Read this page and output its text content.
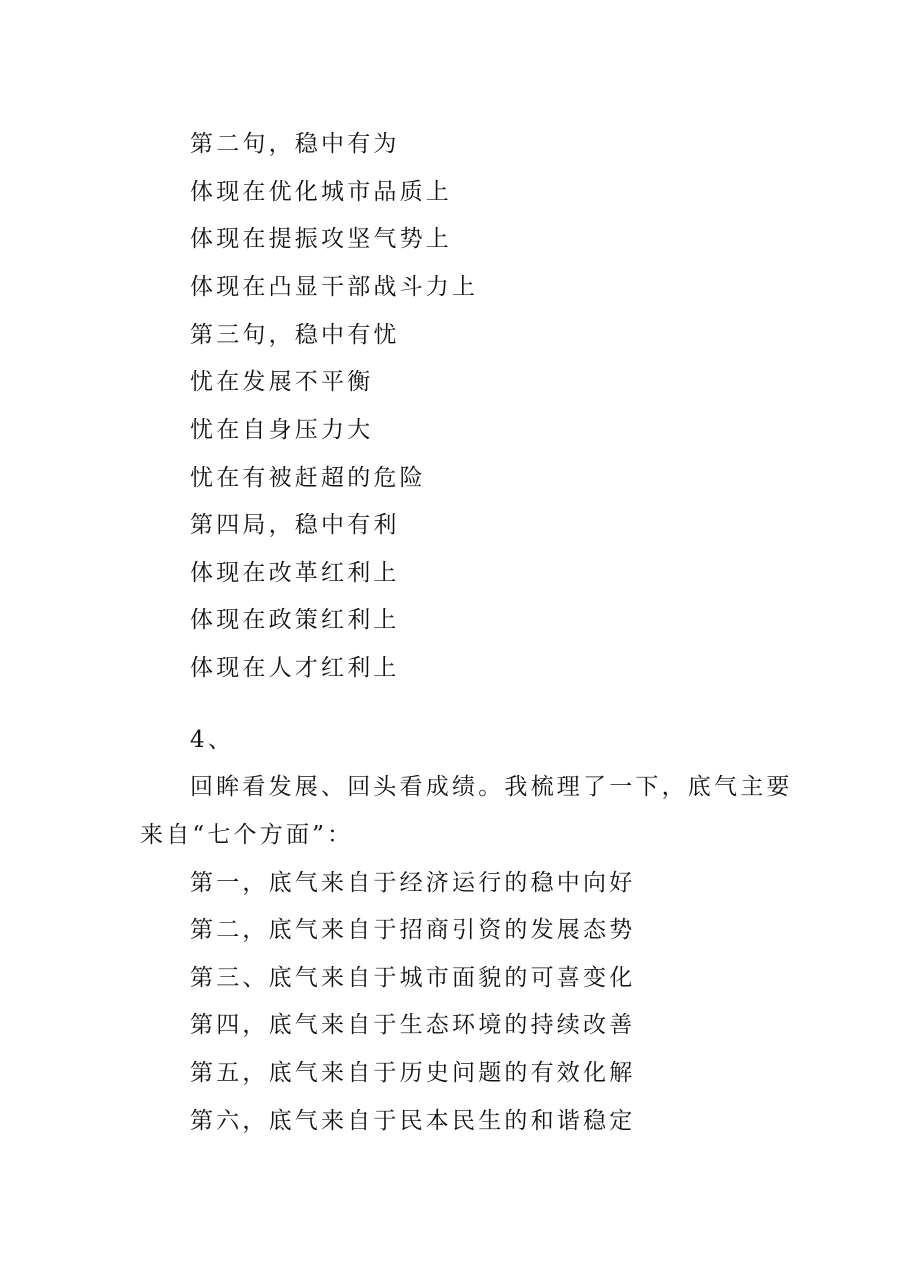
第二句，稳中有为
体现在优化城市品质上
体现在提振攻坚气势上
体现在凸显干部战斗力上
第三句，稳中有忧
忧在发展不平衡
忧在自身压力大
忧在有被赶超的危险
第四局，稳中有利
体现在改革红利上
体现在政策红利上
体现在人才红利上
4、
回眸看发展、回头看成绩。我梳理了一下，底气主要
来自“七个方面”：
第一，底气来自于经济运行的稳中向好
第二，底气来自于招商引资的发展态势
第三、底气来自于城市面貌的可喜变化
第四，底气来自于生态环境的持续改善
第五，底气来自于历史问题的有效化解
第六，底气来自于民本民生的和谐稳定
